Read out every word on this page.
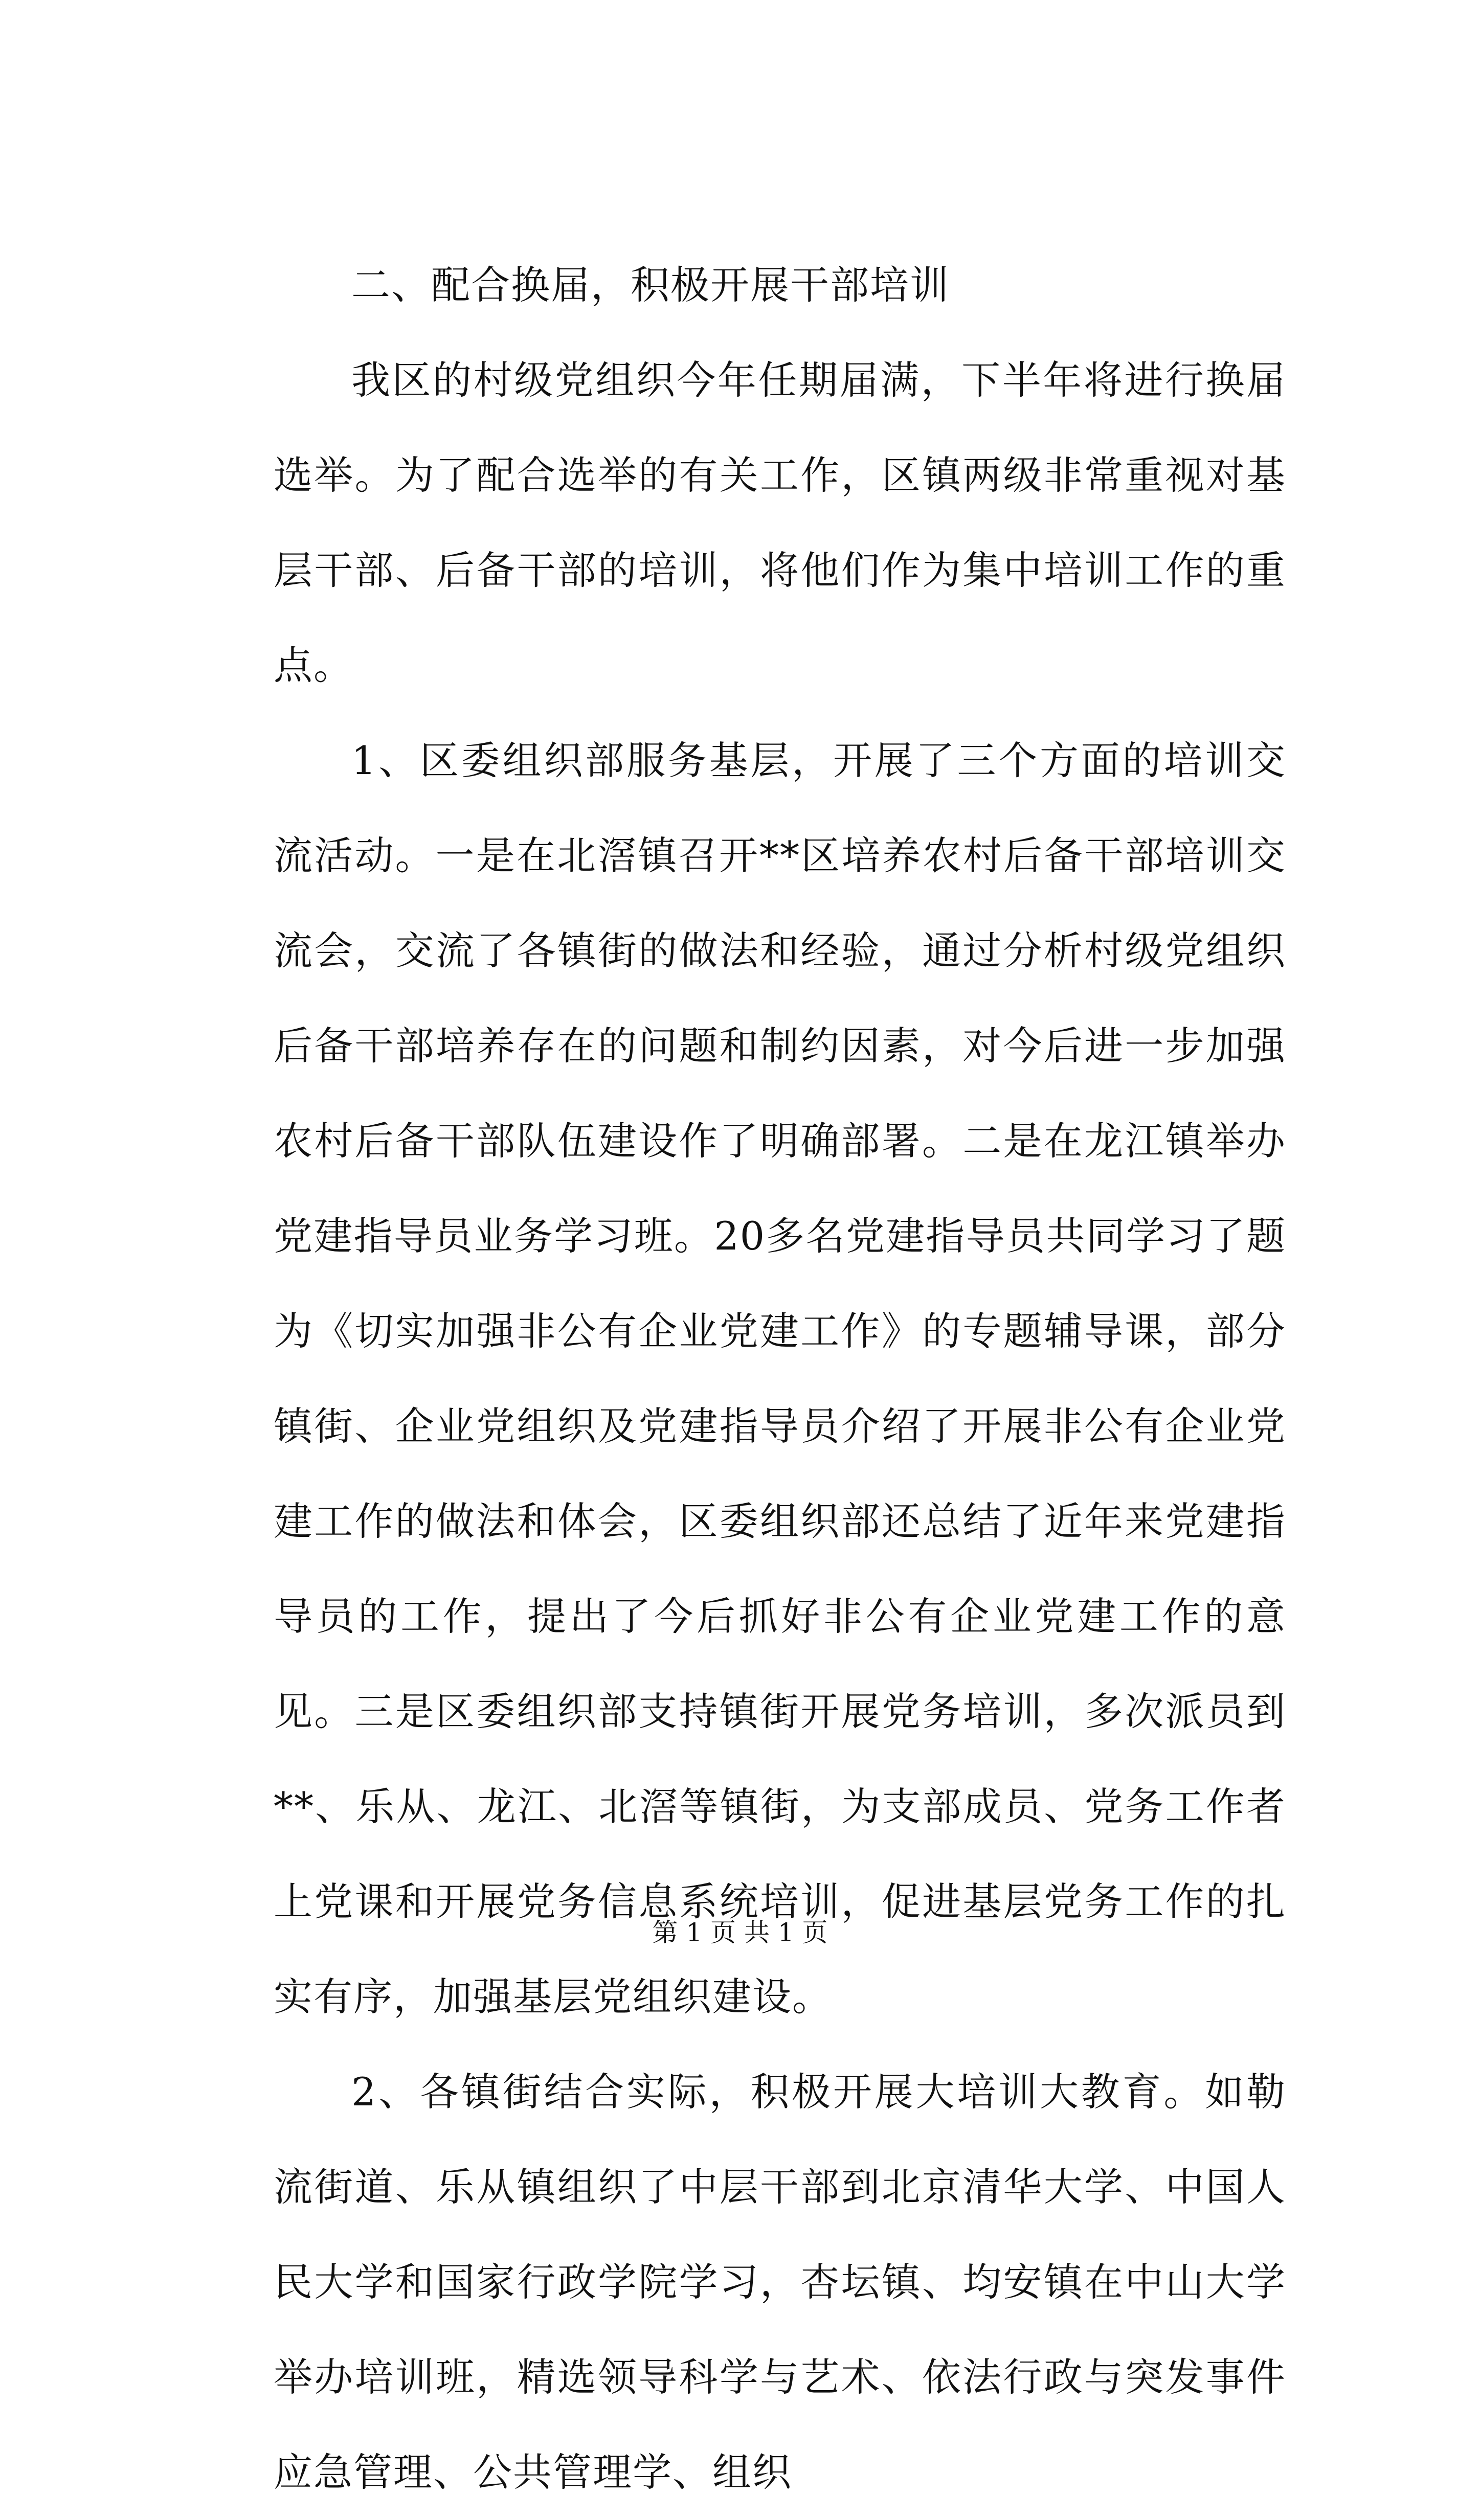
二、配合换届，积极开展干部培训

我区的村级党组织今年任期届满，下半年将进行换届选举。为了配合选举的有关工作，区镇两级非常重视对基层干部、后备干部的培训，将他们作为集中培训工作的重点。

1、区委组织部服务基层，开展了三个方面的培训交流活动。一是在北滘镇召开**区培养农村后备干部培训交流会，交流了各镇街的做法和经验，通过分析村级党组织后备干部培养存在的问题和制约因素，对今后进一步加强农村后备干部队伍建设作了明确部署。二是在龙江镇举办党建指导员业务学习班。20多名党建指导员共同学习了题为《切实加强非公有企业党建工作》的专题辅导课，部分镇街、企业党组织及党建指导员介绍了开展非公有企业党建工作的做法和体会，区委组织部还总结了近年来党建指导员的工作，提出了今后抓好非公有企业党建工作的意见。三是区委组织部支持镇街开展党务培训，多次派员到**、乐从、龙江、北滘等镇街，为支部成员、党务工作者上党课和开展党务信息系统培训，促进基层党务工作的扎实有序，加强基层党组织建设。

2、各镇街结合实际，积极开展大培训大教育。如勒流街道、乐从镇组织了中层干部到北京清华大学、中国人民大学和国家行政学院学习，杏坛镇、均安镇在中山大学举办培训班，精选领导科学与艺术、依法行政与突发事件应急管理、公共管理学、组织

第 1 页 共 1 页
